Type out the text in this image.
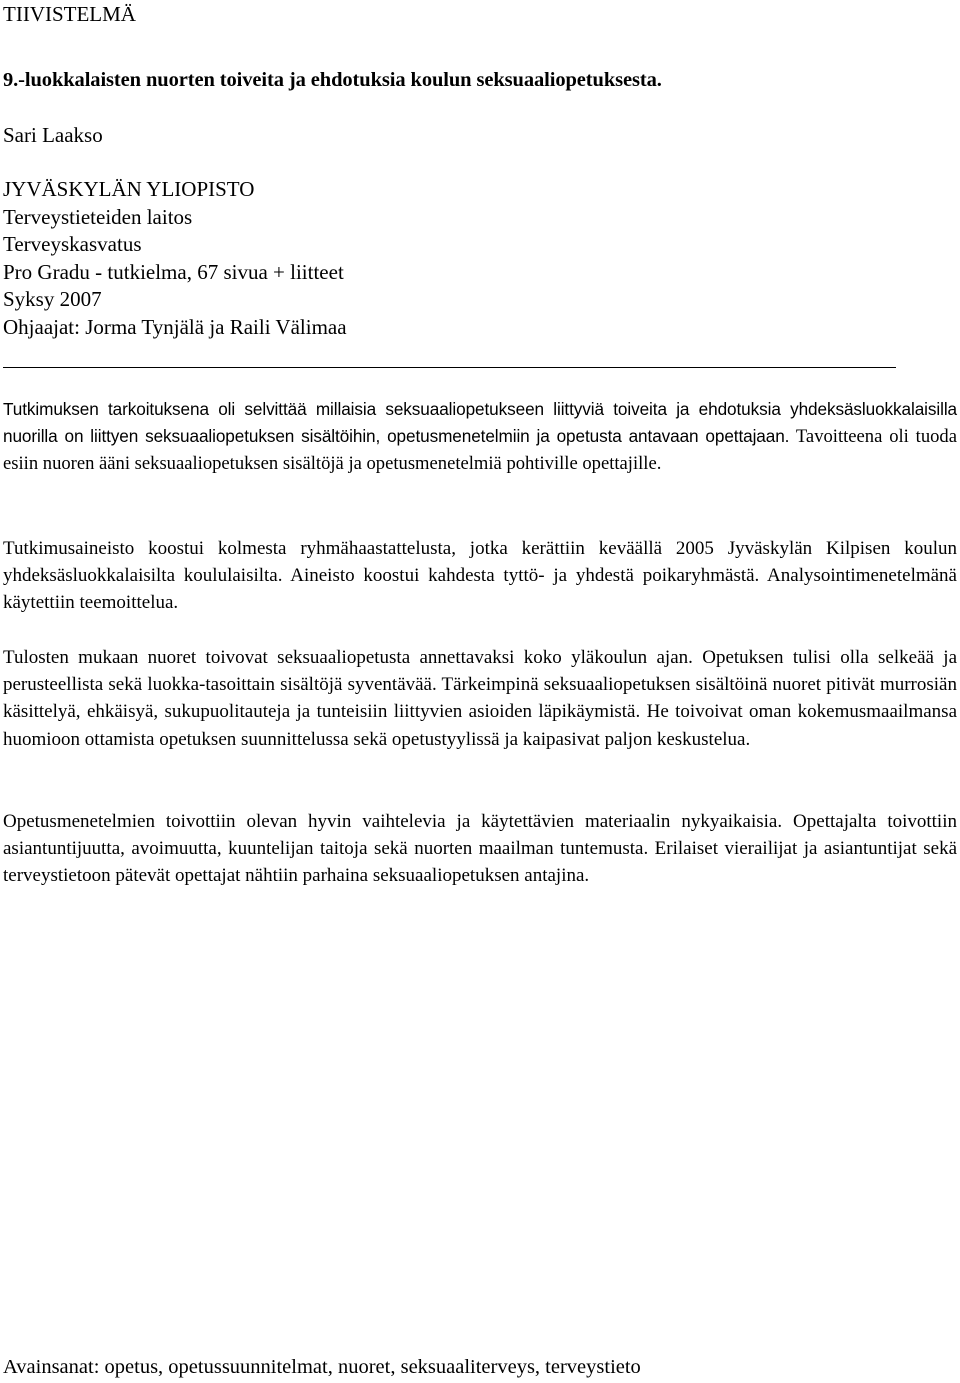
TIIVISTELMÄ
9.-luokkalaisten nuorten toiveita ja ehdotuksia koulun seksuaaliopetuksesta.
Sari Laakso
JYVÄSKYLÄN YLIOPISTO
Terveystieteiden laitos
Terveyskasvatus
Pro Gradu - tutkielma, 67 sivua + liitteet
Syksy 2007
Ohjaajat: Jorma Tynjälä ja Raili Välimaa

Tutkimuksen tarkoituksena oli selvittää millaisia seksuaaliopetukseen liittyviä toiveita ja ehdotuksia yhdeksäsluokkalaisilla nuorilla on liittyen seksuaaliopetuksen sisältöihin, opetusmenetelmiin ja opetusta antavaan opettajaan. Tavoitteena oli tuoda esiin nuoren ääni seksuaaliopetuksen sisältöjä ja opetusmenetelmiä pohtiville opettajille.

Tutkimusaineisto koostui kolmesta ryhmähaastattelusta, jotka kerättiin keväällä 2005 Jyväskylän Kilpisen koulun yhdeksäsluokkalaisilta koululaisilta. Aineisto koostui kahdesta tyttö- ja yhdestä poikaryhmästä. Analysointimenetelmänä käytettiin teemoittelua.

Tulosten mukaan nuoret toivovat seksuaaliopetusta annettavaksi koko yläkoulun ajan. Opetuksen tulisi olla selkeää ja perusteellista sekä luokka-tasoittain sisältöjä syventävää. Tärkeimpinä seksuaaliopetuksen sisältöinä nuoret pitivät murrosiän käsittelyä, ehkäisyä, sukupuolitauteja ja tunteisiin liittyvien asioiden läpikäymistä. He toivoivat oman kokemusmaailmansa huomioon ottamista opetuksen suunnittelussa sekä opetustyylissä ja kaipasivat paljon keskustelua.

Opetusmenetelmien toivottiin olevan hyvin vaihtelevia ja käytettävien materiaalin nykyaikaisia. Opettajalta toivottiin asiantuntijuutta, avoimuutta, kuuntelijan taitoja sekä nuorten maailman tuntemusta. Erilaiset vierailijat ja asiantuntijat sekä terveystietoon pätevät opettajat nähtiin parhaina seksuaaliopetuksen antajina.

Avainsanat: opetus, opetussuunnitelmat, nuoret, seksuaaliterveys, terveystieto
